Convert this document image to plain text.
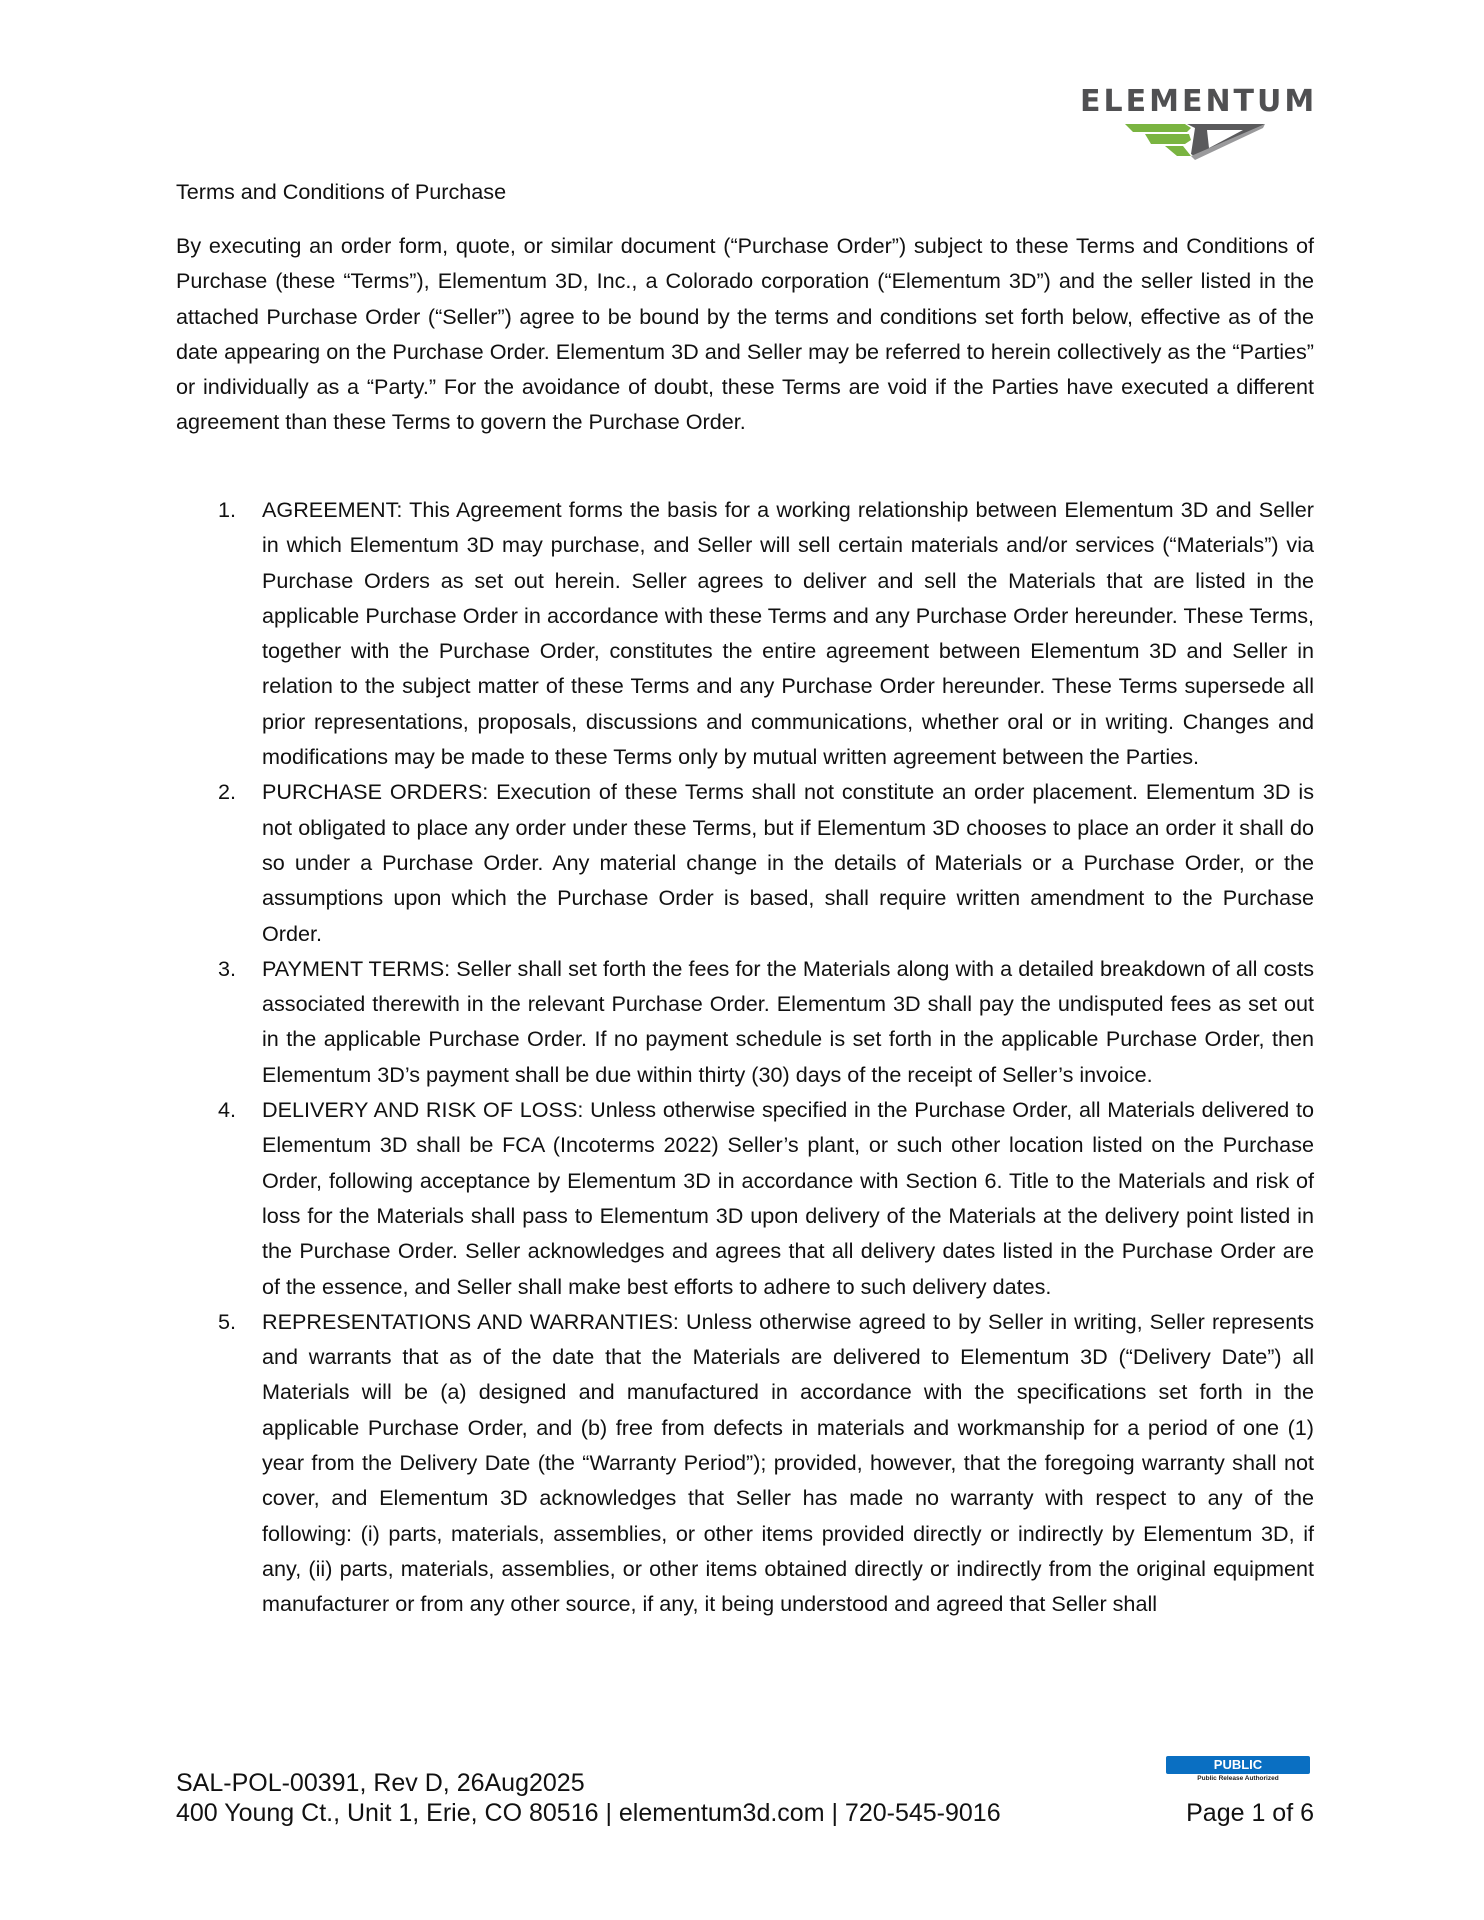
ELEMENTUM
Terms and Conditions of Purchase

By executing an order form, quote, or similar document (“Purchase Order”) subject to these Terms and Conditions of Purchase (these “Terms”), Elementum 3D, Inc., a Colorado corporation (“Elementum 3D”) and the seller listed in the attached Purchase Order (“Seller”) agree to be bound by the terms and conditions set forth below, effective as of the date appearing on the Purchase Order. Elementum 3D and Seller may be referred to herein collectively as the “Parties” or individually as a “Party.” For the avoidance of doubt, these Terms are void if the Parties have executed a different agreement than these Terms to govern the Purchase Order.

1. AGREEMENT: This Agreement forms the basis for a working relationship between Elementum 3D and Seller in which Elementum 3D may purchase, and Seller will sell certain materials and/or services (“Materials”) via Purchase Orders as set out herein. Seller agrees to deliver and sell the Materials that are listed in the applicable Purchase Order in accordance with these Terms and any Purchase Order hereunder. These Terms, together with the Purchase Order, constitutes the entire agreement between Elementum 3D and Seller in relation to the subject matter of these Terms and any Purchase Order hereunder. These Terms supersede all prior representations, proposals, discussions and communications, whether oral or in writing. Changes and modifications may be made to these Terms only by mutual written agreement between the Parties.
2. PURCHASE ORDERS: Execution of these Terms shall not constitute an order placement. Elementum 3D is not obligated to place any order under these Terms, but if Elementum 3D chooses to place an order it shall do so under a Purchase Order. Any material change in the details of Materials or a Purchase Order, or the assumptions upon which the Purchase Order is based, shall require written amendment to the Purchase Order.
3. PAYMENT TERMS: Seller shall set forth the fees for the Materials along with a detailed breakdown of all costs associated therewith in the relevant Purchase Order. Elementum 3D shall pay the undisputed fees as set out in the applicable Purchase Order. If no payment schedule is set forth in the applicable Purchase Order, then Elementum 3D’s payment shall be due within thirty (30) days of the receipt of Seller’s invoice.
4. DELIVERY AND RISK OF LOSS: Unless otherwise specified in the Purchase Order, all Materials delivered to Elementum 3D shall be FCA (Incoterms 2022) Seller’s plant, or such other location listed on the Purchase Order, following acceptance by Elementum 3D in accordance with Section 6. Title to the Materials and risk of loss for the Materials shall pass to Elementum 3D upon delivery of the Materials at the delivery point listed in the Purchase Order. Seller acknowledges and agrees that all delivery dates listed in the Purchase Order are of the essence, and Seller shall make best efforts to adhere to such delivery dates.
5. REPRESENTATIONS AND WARRANTIES: Unless otherwise agreed to by Seller in writing, Seller represents and warrants that as of the date that the Materials are delivered to Elementum 3D (“Delivery Date”) all Materials will be (a) designed and manufactured in accordance with the specifications set forth in the applicable Purchase Order, and (b) free from defects in materials and workmanship for a period of one (1) year from the Delivery Date (the “Warranty Period”); provided, however, that the foregoing warranty shall not cover, and Elementum 3D acknowledges that Seller has made no warranty with respect to any of the following: (i) parts, materials, assemblies, or other items provided directly or indirectly by Elementum 3D, if any, (ii) parts, materials, assemblies, or other items obtained directly or indirectly from the original equipment manufacturer or from any other source, if any, it being understood and agreed that Seller shall
PUBLIC
Public Release Authorized
SAL-POL-00391, Rev D, 26Aug2025
400 Young Ct., Unit 1, Erie, CO 80516 | elementum3d.com | 720-545-9016	Page 1 of 6
